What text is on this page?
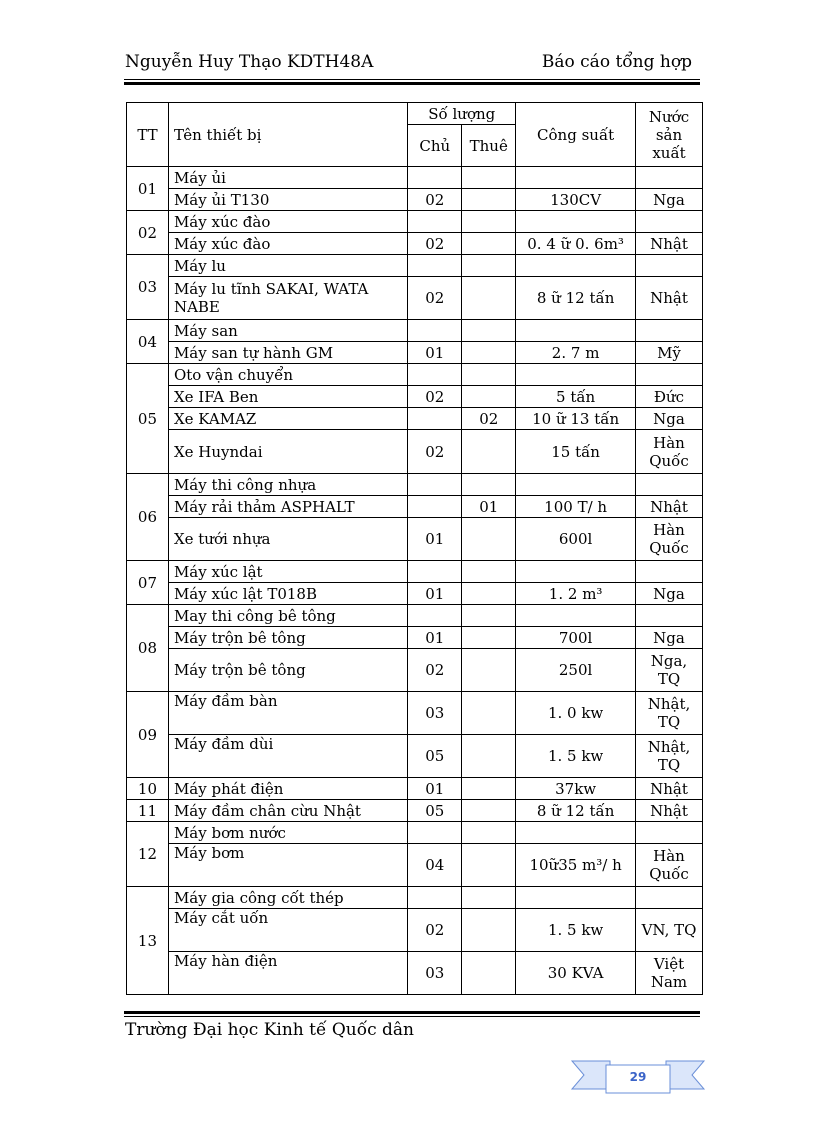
Nguyễn Huy Thạo KDTH48A	Báo cáo tổng hợp
TT	Tên thiết bị	Số lượng		Công suất	Nước sản xuất
		Chủ	Thuê		
01	Máy ủi				
	Máy ủi T130	02		130CV	Nga
02	Máy xúc đào				
	Máy xúc đào	02		0. 4 ữ 0. 6m³	Nhật
03	Máy lu				
	Máy lu tĩnh SAKAI, WATA NABE	02		8 ữ 12 tấn	Nhật
04	Máy san				
	Máy san tự hành GM	01		2. 7 m	Mỹ
05	Oto vận chuyển				
	Xe IFA Ben	02		5 tấn	Đức
	Xe KAMAZ		02	10 ữ 13 tấn	Nga
	Xe Huyndai	02		15 tấn	Hàn Quốc
06	Máy thi công nhựa				
	Máy rải thảm ASPHALT		01	100 T/ h	Nhật
	Xe tưới nhựa	01		600l	Hàn Quốc
07	Máy xúc lật				
	Máy xúc lật T018B	01		1. 2 m³	Nga
08	May thi công bê tông				
	Máy trộn bê tông	01		700l	Nga
	Máy trộn bê tông	02		250l	Nga, TQ
09	Máy đầm bàn	03		1. 0 kw	Nhật, TQ
	Máy đầm dùi	05		1. 5 kw	Nhật, TQ
10	Máy phát điện	01		37kw	Nhật
11	Máy đầm chân cừu Nhật	05		8 ữ 12 tấn	Nhật
12	Máy bơm nước				
	Máy bơm	04		10ữ35 m³/ h	Hàn Quốc
13	Máy gia công cốt thép				
	Máy cắt uốn	02		1. 5 kw	VN, TQ
	Máy hàn điện	03		30 KVA	Việt Nam
Trường Đại học Kinh tế Quốc dân
29
